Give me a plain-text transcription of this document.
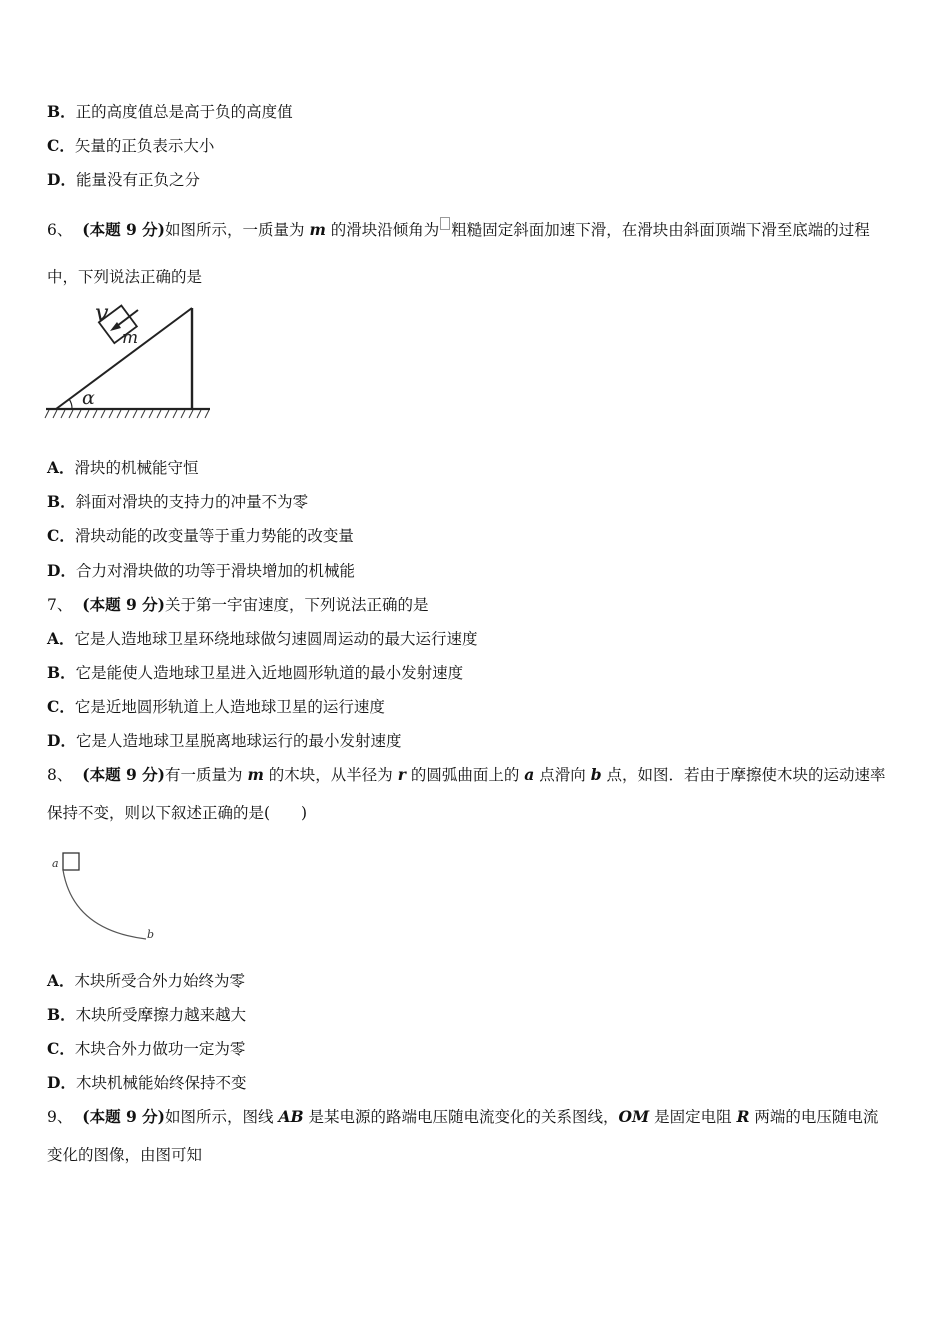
B．正的高度值总是高于负的高度值
C．矢量的正负表示大小
D．能量没有正负之分
6、 (本题 9 分)如图所示，一质量为 m 的滑块沿倾角为 粗糙固定斜面加速下滑，在滑块由斜面顶端下滑至底端的过程
中，下列说法正确的是
α
m
v
A．滑块的机械能守恒
B．斜面对滑块的支持力的冲量不为零
C．滑块动能的改变量等于重力势能的改变量
D．合力对滑块做的功等于滑块增加的机械能
7、 (本题 9 分)关于第一宇宙速度，下列说法正确的是
A．它是人造地球卫星环绕地球做匀速圆周运动的最大运行速度
B．它是能使人造地球卫星进入近地圆形轨道的最小发射速度
C．它是近地圆形轨道上人造地球卫星的运行速度
D．它是人造地球卫星脱离地球运行的最小发射速度
8、 (本题 9 分)有一质量为 m 的木块，从半径为 r 的圆弧曲面上的 a 点滑向 b 点，如图．若由于摩擦使木块的运动速率
保持不变，则以下叙述正确的是(　　)
a
b
A．木块所受合外力始终为零
B．木块所受摩擦力越来越大
C．木块合外力做功一定为零
D．木块机械能始终保持不变
9、 (本题 9 分)如图所示，图线 AB 是某电源的路端电压随电流变化的关系图线，OM 是固定电阻 R 两端的电压随电流
变化的图像，由图可知
